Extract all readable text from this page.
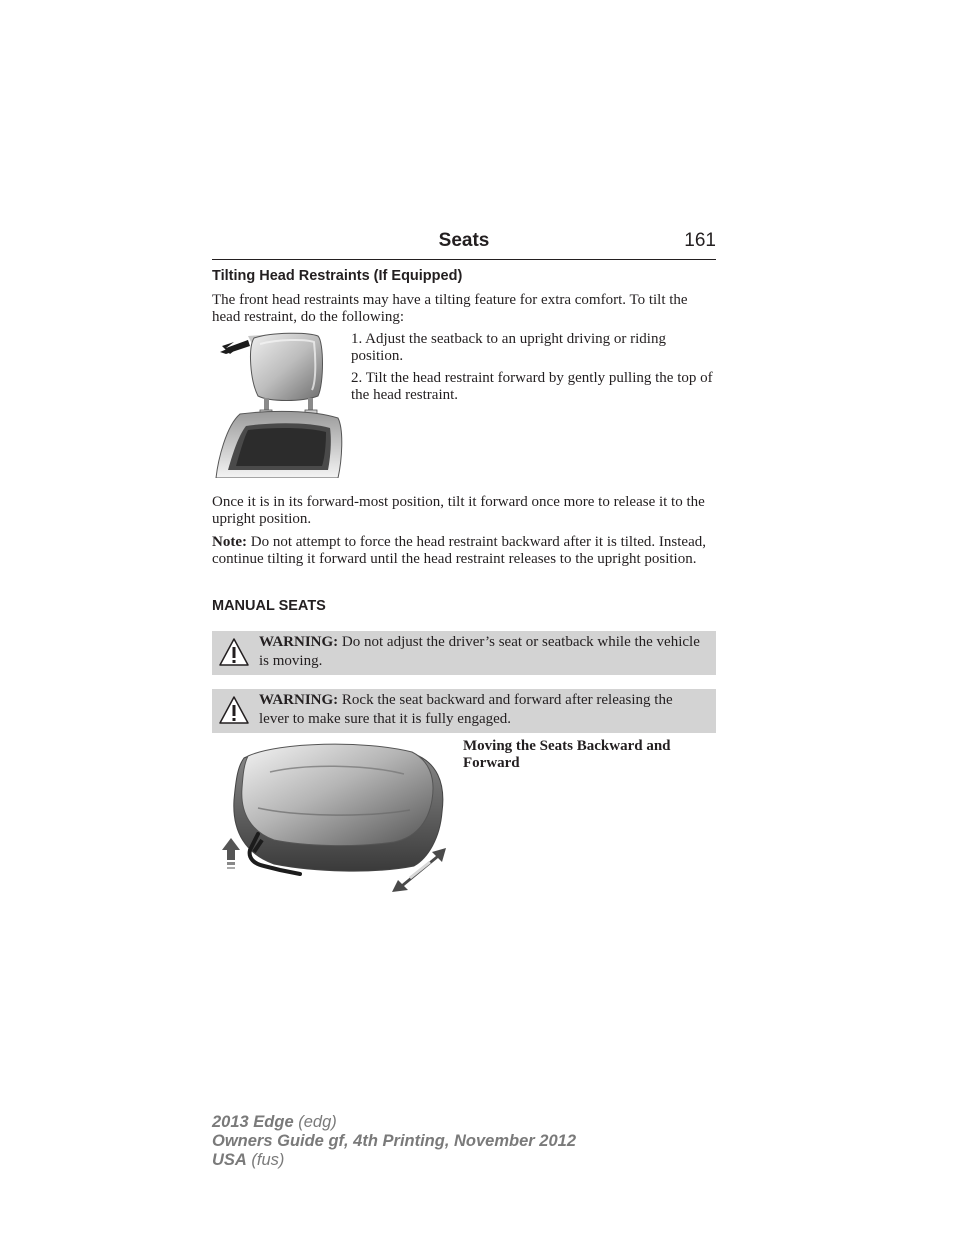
Seats	161
Tilting Head Restraints (If Equipped)
The front head restraints may have a tilting feature for extra comfort. To tilt the head restraint, do the following:
1. Adjust the seatback to an upright driving or riding position.
2. Tilt the head restraint forward by gently pulling the top of the head restraint.
Once it is in its forward-most position, tilt it forward once more to release it to the upright position.
Note: Do not attempt to force the head restraint backward after it is tilted. Instead, continue tilting it forward until the head restraint releases to the upright position.
MANUAL SEATS
WARNING: Do not adjust the driver’s seat or seatback while the vehicle is moving.
WARNING: Rock the seat backward and forward after releasing the lever to make sure that it is fully engaged.
Moving the Seats Backward and Forward
2013 Edge (edg)
Owners Guide gf, 4th Printing, November 2012
USA (fus)
